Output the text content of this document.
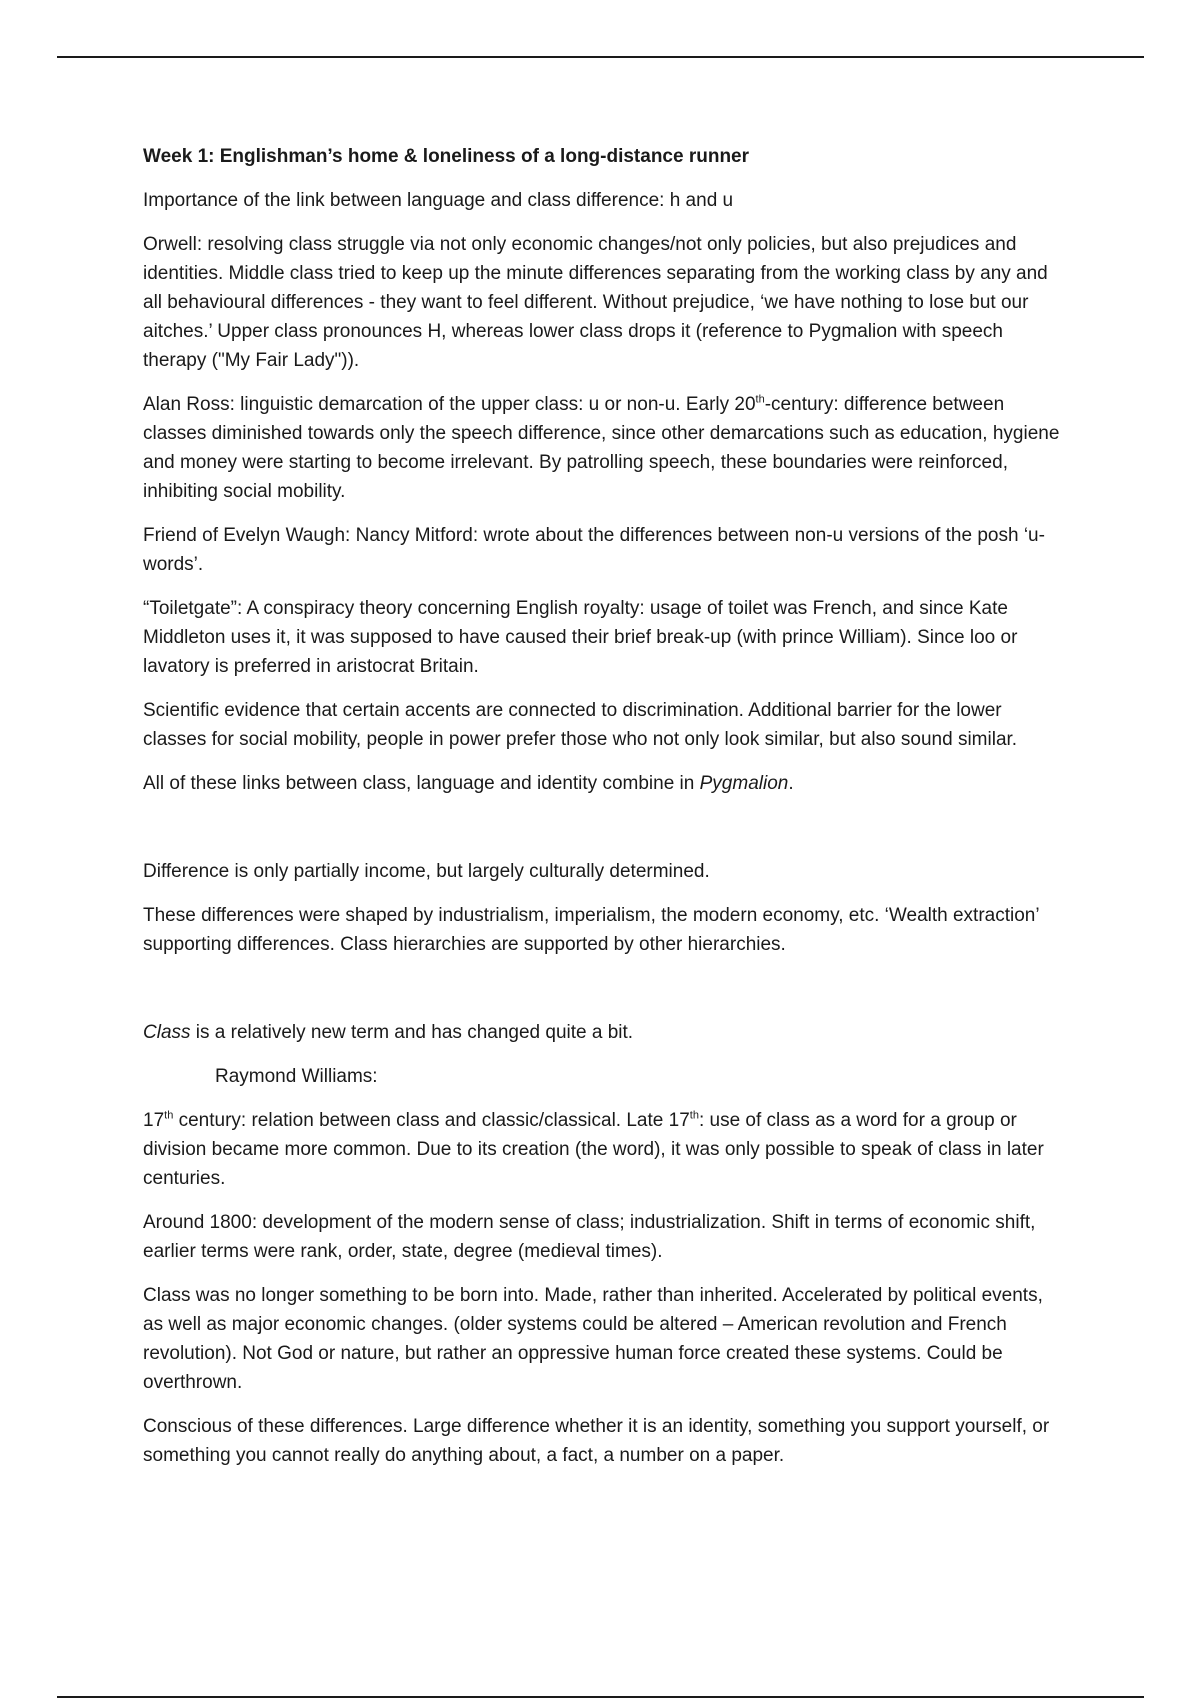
Week 1: Englishman’s home & loneliness of a long-distance runner

Importance of the link between language and class difference: h and u

Orwell: resolving class struggle via not only economic changes/not only policies, but also prejudices and identities. Middle class tried to keep up the minute differences separating from the working class by any and all behavioural differences - they want to feel different. Without prejudice, ‘we have nothing to lose but our aitches.’ Upper class pronounces H, whereas lower class drops it (reference to Pygmalion with speech therapy ("My Fair Lady")).

Alan Ross: linguistic demarcation of the upper class: u or non-u. Early 20th-century: difference between classes diminished towards only the speech difference, since other demarcations such as education, hygiene and money were starting to become irrelevant. By patrolling speech, these boundaries were reinforced, inhibiting social mobility.

Friend of Evelyn Waugh: Nancy Mitford: wrote about the differences between non-u versions of the posh ‘u-words’.

“Toiletgate”: A conspiracy theory concerning English royalty: usage of toilet was French, and since Kate Middleton uses it, it was supposed to have caused their brief break-up (with prince William). Since loo or lavatory is preferred in aristocrat Britain.

Scientific evidence that certain accents are connected to discrimination. Additional barrier for the lower classes for social mobility, people in power prefer those who not only look similar, but also sound similar.

All of these links between class, language and identity combine in Pygmalion.

Difference is only partially income, but largely culturally determined.

These differences were shaped by industrialism, imperialism, the modern economy, etc. ‘Wealth extraction’ supporting differences. Class hierarchies are supported by other hierarchies.

Class is a relatively new term and has changed quite a bit.

Raymond Williams:

17th century: relation between class and classic/classical. Late 17th: use of class as a word for a group or division became more common. Due to its creation (the word), it was only possible to speak of class in later centuries.

Around 1800: development of the modern sense of class; industrialization. Shift in terms of economic shift, earlier terms were rank, order, state, degree (medieval times).

Class was no longer something to be born into. Made, rather than inherited. Accelerated by political events, as well as major economic changes. (older systems could be altered – American revolution and French revolution). Not God or nature, but rather an oppressive human force created these systems. Could be overthrown.

Conscious of these differences. Large difference whether it is an identity, something you support yourself, or something you cannot really do anything about, a fact, a number on a paper.
